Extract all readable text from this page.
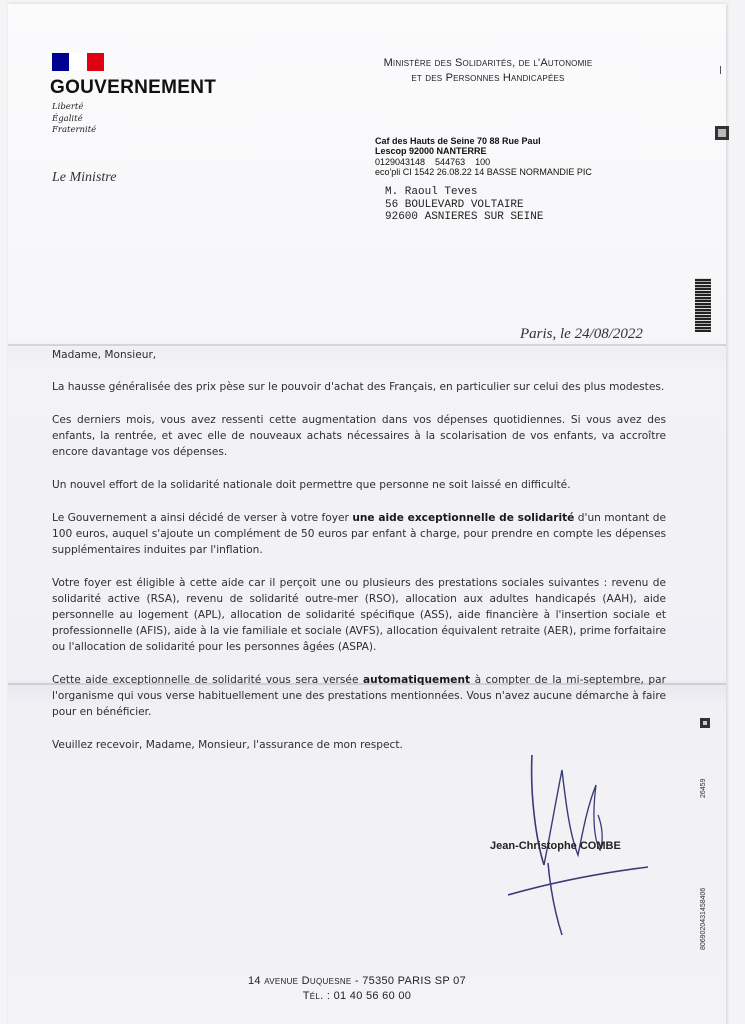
GOUVERNEMENT
Liberté
Égalité
Fraternité
Le Ministre
Ministère des Solidarités, de l'Autonomie
et des Personnes Handicapées
Caf des Hauts de Seine 70 88 Rue Paul
Lescop 92000 NANTERRE
0129043148    544763    100
eco'pli CI 1542 26.08.22 14 BASSE NORMANDIE PIC
M. Raoul Teves
56 BOULEVARD VOLTAIRE
92600 ASNIERES SUR SEINE
Paris, le 24/08/2022

Madame, Monsieur,

La hausse généralisée des prix pèse sur le pouvoir d'achat des Français, en particulier sur celui des plus modestes.

Ces derniers mois, vous avez ressenti cette augmentation dans vos dépenses quotidiennes. Si vous avez des enfants, la rentrée, et avec elle de nouveaux achats nécessaires à la scolarisation de vos enfants, va accroître encore davantage vos dépenses.

Un nouvel effort de la solidarité nationale doit permettre que personne ne soit laissé en difficulté.

Le Gouvernement a ainsi décidé de verser à votre foyer une aide exceptionnelle de solidarité d'un montant de 100 euros, auquel s'ajoute un complément de 50 euros par enfant à charge, pour prendre en compte les dépenses supplémentaires induites par l'inflation.

Votre foyer est éligible à cette aide car il perçoit une ou plusieurs des prestations sociales suivantes : revenu de solidarité active (RSA), revenu de solidarité outre-mer (RSO), allocation aux adultes handicapés (AAH), aide personnelle au logement (APL), allocation de solidarité spécifique (ASS), aide financière à l'insertion sociale et professionnelle (AFIS), aide à la vie familiale et sociale (AVFS), allocation équivalent retraite (AER), prime forfaitaire ou l'allocation de solidarité pour les personnes âgées (ASPA).

Cette aide exceptionnelle de solidarité vous sera versée automatiquement à compter de la mi-septembre, par l'organisme qui vous verse habituellement une des prestations mentionnées. Vous n'avez aucune démarche à faire pour en bénéficier.

Veuillez recevoir, Madame, Monsieur, l'assurance de mon respect.

Jean-Christophe COMBE
26459
8069020431458406
14 avenue Duquesne - 75350 PARIS SP 07
Tél. : 01 40 56 60 00
